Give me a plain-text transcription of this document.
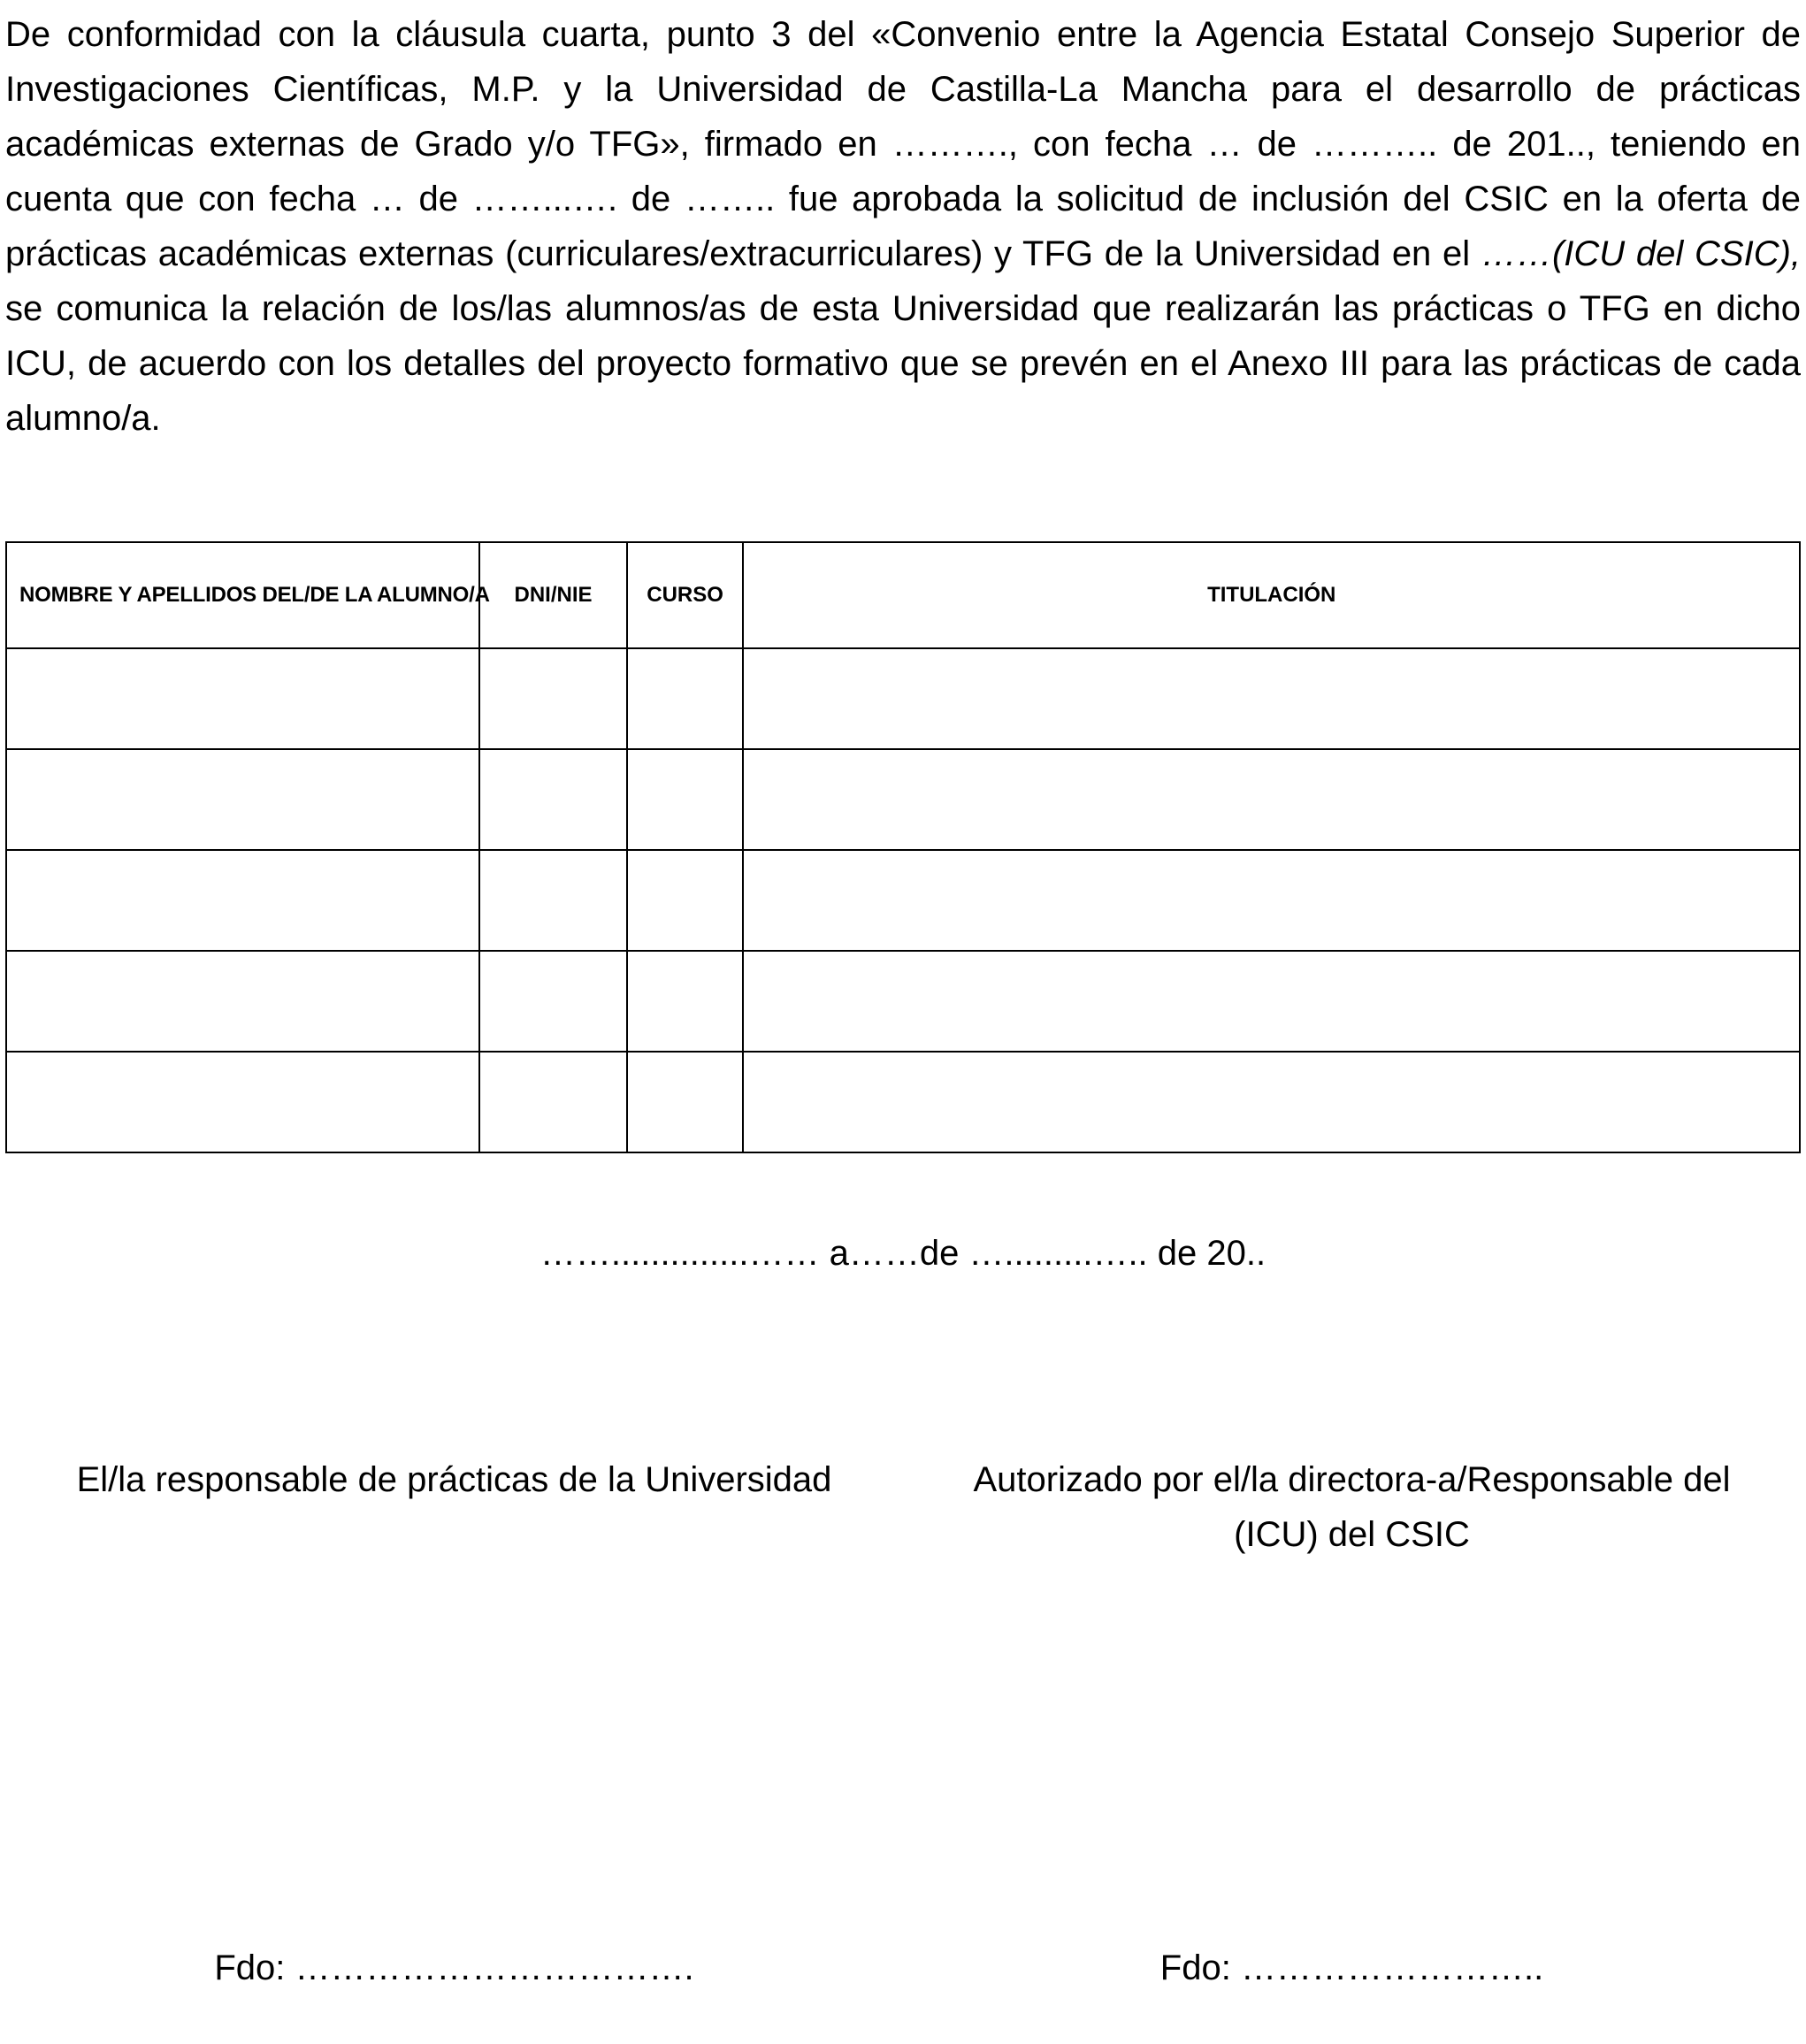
De conformidad con la cláusula cuarta, punto 3 del «Convenio entre la Agencia Estatal Consejo Superior de Investigaciones Científicas, M.P. y la Universidad de Castilla-La Mancha para el desarrollo de prácticas académicas externas de Grado y/o TFG», firmado en ………., con fecha … de ……….. de 201.., teniendo en cuenta que con fecha … de ……...…. de …….. fue aprobada la solicitud de inclusión del CSIC en la oferta de prácticas académicas externas (curriculares/extracurriculares) y TFG de la Universidad en el ……(ICU del CSIC), se comunica la relación de los/las alumnos/as de esta Universidad que realizarán las prácticas o TFG en dicho ICU, de acuerdo con los detalles del proyecto formativo que se prevén en el Anexo III para las prácticas de cada alumno/a.

NOMBRE Y APELLIDOS DEL/DE LA ALUMNO/A	DNI/NIE	CURSO	TITULACIÓN

……..............…… a……de ….........….. de 20..

El/la responsable de prácticas de la Universidad	Autorizado por el/la directora-a/Responsable del
(ICU) del CSIC
Fdo: …………………………….	Fdo: ……………………..
